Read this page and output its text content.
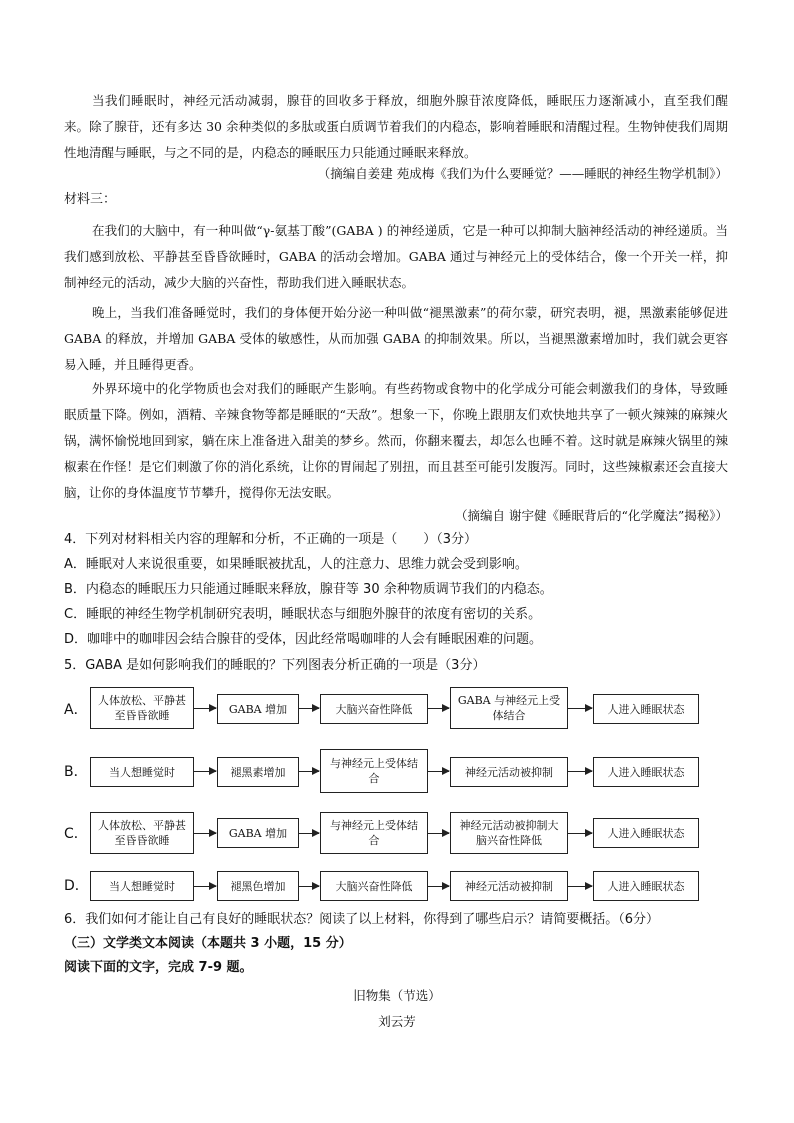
当我们睡眠时，神经元活动减弱，腺苷的回收多于释放，细胞外腺苷浓度降低，睡眠压力逐渐减小，直至我们醒来。除了腺苷，还有多达 30 余种类似的多肽或蛋白质调节着我们的内稳态，影响着睡眠和清醒过程。生物钟使我们周期性地清醒与睡眠，与之不同的是，内稳态的睡眠压力只能通过睡眠来释放。

（摘编自姜建 苑成梅《我们为什么要睡觉？——睡眠的神经生物学机制》）
材料三：

在我们的大脑中，有一种叫做“γ-氨基丁酸”(GABA ) 的神经递质，它是一种可以抑制大脑神经活动的神经递质。当我们感到放松、平静甚至昏昏欲睡时，GABA 的活动会增加。GABA 通过与神经元上的受体结合，像一个开关一样，抑制神经元的活动，减少大脑的兴奋性，帮助我们进入睡眠状态。

晚上，当我们准备睡觉时，我们的身体便开始分泌一种叫做“褪黑激素”的荷尔蒙，研究表明，褪，黑激素能够促进 GABA 的释放，并增加 GABA 受体的敏感性，从而加强 GABA 的抑制效果。所以，当褪黑激素增加时，我们就会更容易入睡，并且睡得更香。

外界环境中的化学物质也会对我们的睡眠产生影响。有些药物或食物中的化学成分可能会刺激我们的身体，导致睡眠质量下降。例如，酒精、辛辣食物等都是睡眠的“天敌”。想象一下，你晚上跟朋友们欢快地共享了一顿火辣辣的麻辣火锅，满怀愉悦地回到家，躺在床上准备进入甜美的梦乡。然而，你翻来覆去，却怎么也睡不着。这时就是麻辣火锅里的辣椒素在作怪！是它们刺激了你的消化系统，让你的胃闹起了别扭，而且甚至可能引发腹泻。同时，这些辣椒素还会直接大脑，让你的身体温度节节攀升，搅得你无法安眠。

（摘编自 谢宇健《睡眠背后的“化学魔法”揭秘》）
4．下列对材料相关内容的理解和分析，不正确的一项是（　　）（3分）
A．睡眠对人来说很重要，如果睡眠被扰乱，人的注意力、思维力就会受到影响。
B．内稳态的睡眠压力只能通过睡眠来释放，腺苷等 30 余种物质调节我们的内稳态。
C．睡眠的神经生物学机制研究表明，睡眠状态与细胞外腺苷的浓度有密切的关系。
D．咖啡中的咖啡因会结合腺苷的受体，因此经常喝咖啡的人会有睡眠困难的问题。
5．GABA 是如何影响我们的睡眠的？下列图表分析正确的一项是（3分）
A．
人体放松、平静甚至昏昏欲睡	GABA 增加	大脑兴奋性降低
GABA 与神经元上受体结合	人进入睡眠状态
B．	当人想睡觉时	褪黑素增加
与神经元上受体结合	神经元活动被抑制	人进入睡眠状态
C．
人体放松、平静甚至昏昏欲睡
GABA 增加
与神经元上受体结合
神经元活动被抑制大脑兴奋性降低
人进入睡眠状态
D．	当人想睡觉时	褪黑色增加	大脑兴奋性降低	神经元活动被抑制	人进入睡眠状态
6．我们如何才能让自己有良好的睡眠状态？阅读了以上材料，你得到了哪些启示？请简要概括。（6分）
（三）文学类文本阅读（本题共 3 小题，15 分）
阅读下面的文字，完成 7-9 题。
旧物集（节选）
刘云芳
